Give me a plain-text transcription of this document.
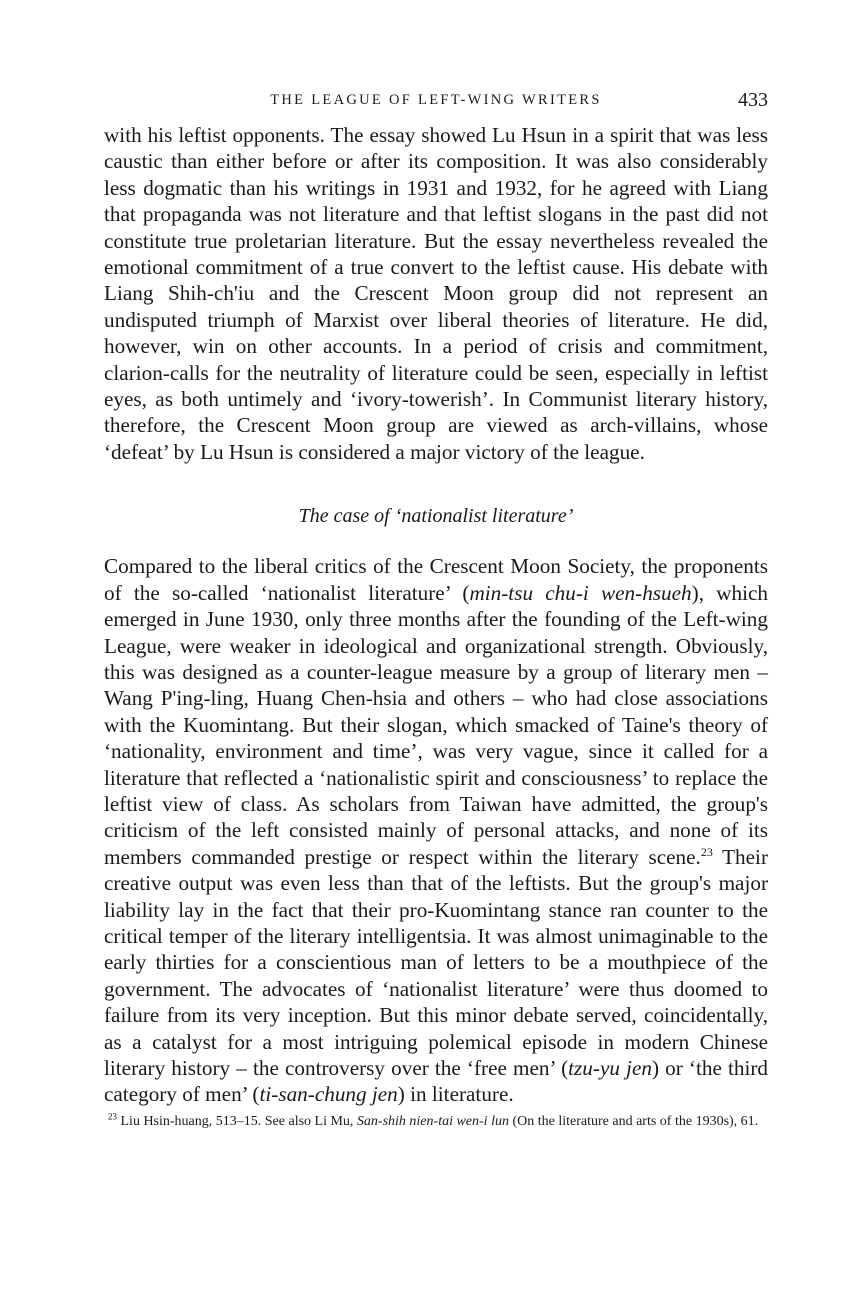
THE LEAGUE OF LEFT-WING WRITERS	433

with his leftist opponents. The essay showed Lu Hsun in a spirit that was less caustic than either before or after its composition. It was also considerably less dogmatic than his writings in 1931 and 1932, for he agreed with Liang that propaganda was not literature and that leftist slogans in the past did not constitute true proletarian literature. But the essay nevertheless revealed the emotional commitment of a true convert to the leftist cause. His debate with Liang Shih-ch'iu and the Crescent Moon group did not represent an undisputed triumph of Marxist over liberal theories of literature. He did, however, win on other accounts. In a period of crisis and commitment, clarion-calls for the neutrality of literature could be seen, especially in leftist eyes, as both untimely and ‘ivory-towerish’. In Communist literary history, therefore, the Crescent Moon group are viewed as arch-villains, whose ‘defeat’ by Lu Hsun is considered a major victory of the league.

The case of ‘nationalist literature’

Compared to the liberal critics of the Crescent Moon Society, the proponents of the so-called ‘nationalist literature’ (min-tsu chu-i wen-hsueh), which emerged in June 1930, only three months after the founding of the Left-wing League, were weaker in ideological and organizational strength. Obviously, this was designed as a counter-league measure by a group of literary men – Wang P'ing-ling, Huang Chen-hsia and others – who had close associations with the Kuomintang. But their slogan, which smacked of Taine's theory of ‘nationality, environment and time’, was very vague, since it called for a literature that reflected a ‘nationalistic spirit and consciousness’ to replace the leftist view of class. As scholars from Taiwan have admitted, the group's criticism of the left consisted mainly of personal attacks, and none of its members commanded prestige or respect within the literary scene.$^{23}$ Their creative output was even less than that of the leftists. But the group's major liability lay in the fact that their pro-Kuomintang stance ran counter to the critical temper of the literary intelligentsia. It was almost unimaginable to the early thirties for a conscientious man of letters to be a mouthpiece of the government. The advocates of ‘nationalist literature’ were thus doomed to failure from its very inception. But this minor debate served, coincidentally, as a catalyst for a most intriguing polemical episode in modern Chinese literary history – the controversy over the ‘free men’ (tzu-yu jen) or ‘the third category of men’ (ti-san-chung jen) in literature.

$^{23}$ Liu Hsin-huang, 513–15. See also Li Mu, San-shih nien-tai wen-i lun (On the literature and arts of the 1930s), 61.
